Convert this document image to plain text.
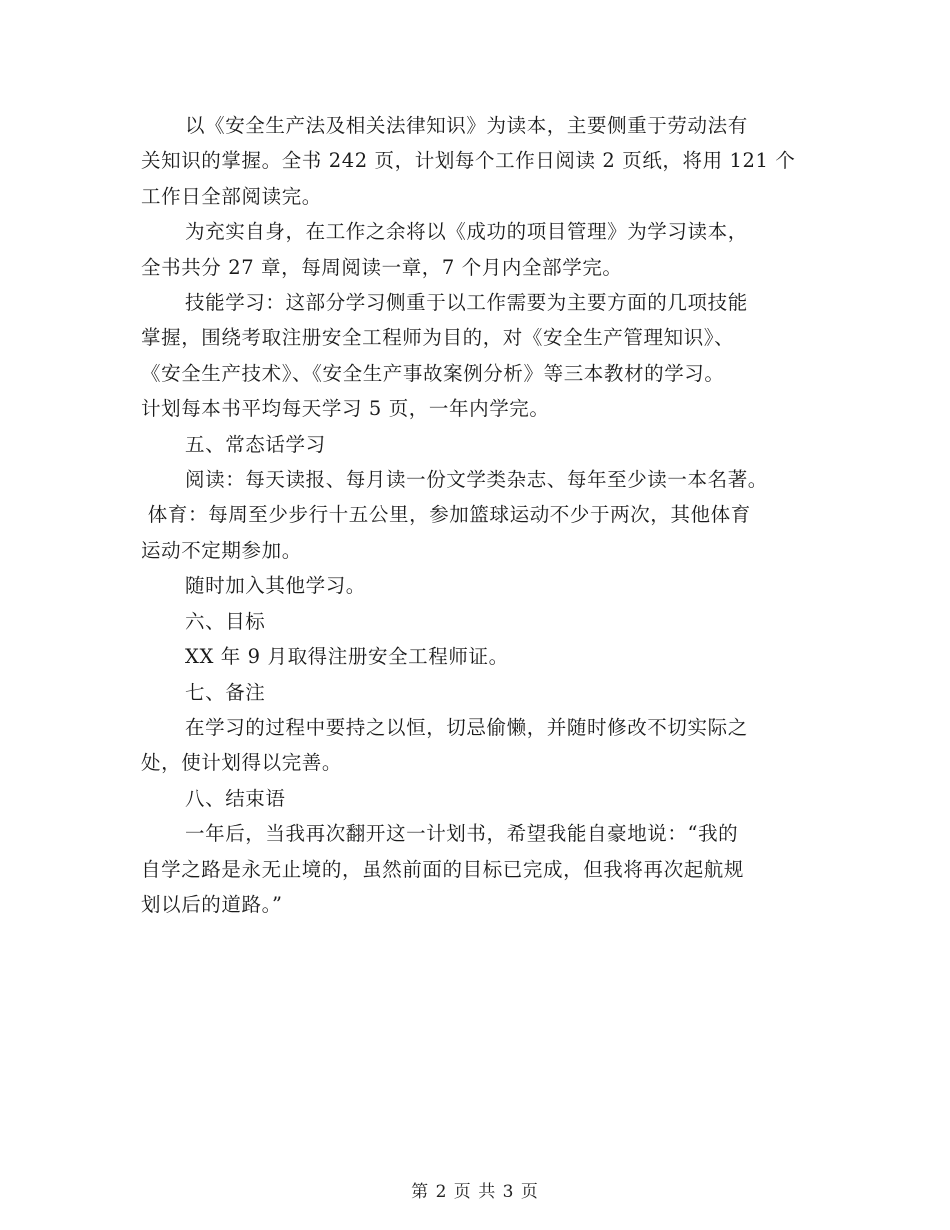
以《安全生产法及相关法律知识》为读本，主要侧重于劳动法有
关知识的掌握。全书 242 页，计划每个工作日阅读 2 页纸，将用 121 个
工作日全部阅读完。
为充实自身，在工作之余将以《成功的项目管理》为学习读本，
全书共分 27 章，每周阅读一章，7 个月内全部学完。
技能学习：这部分学习侧重于以工作需要为主要方面的几项技能
掌握，围绕考取注册安全工程师为目的，对《安全生产管理知识》、
《安全生产技术》、《安全生产事故案例分析》等三本教材的学习。
计划每本书平均每天学习 5 页，一年内学完。

五、常态话学习

阅读：每天读报、每月读一份文学类杂志、每年至少读一本名著。
体育：每周至少步行十五公里，参加篮球运动不少于两次，其他体育
运动不定期参加。

随时加入其他学习。

六、目标

XX 年 9 月取得注册安全工程师证。

七、备注

在学习的过程中要持之以恒，切忌偷懒，并随时修改不切实际之
处，使计划得以完善。

八、结束语

一年后，当我再次翻开这一计划书，希望我能自豪地说：“我的
自学之路是永无止境的，虽然前面的目标已完成，但我将再次起航规
划以后的道路。”
第 2 页 共 3 页
